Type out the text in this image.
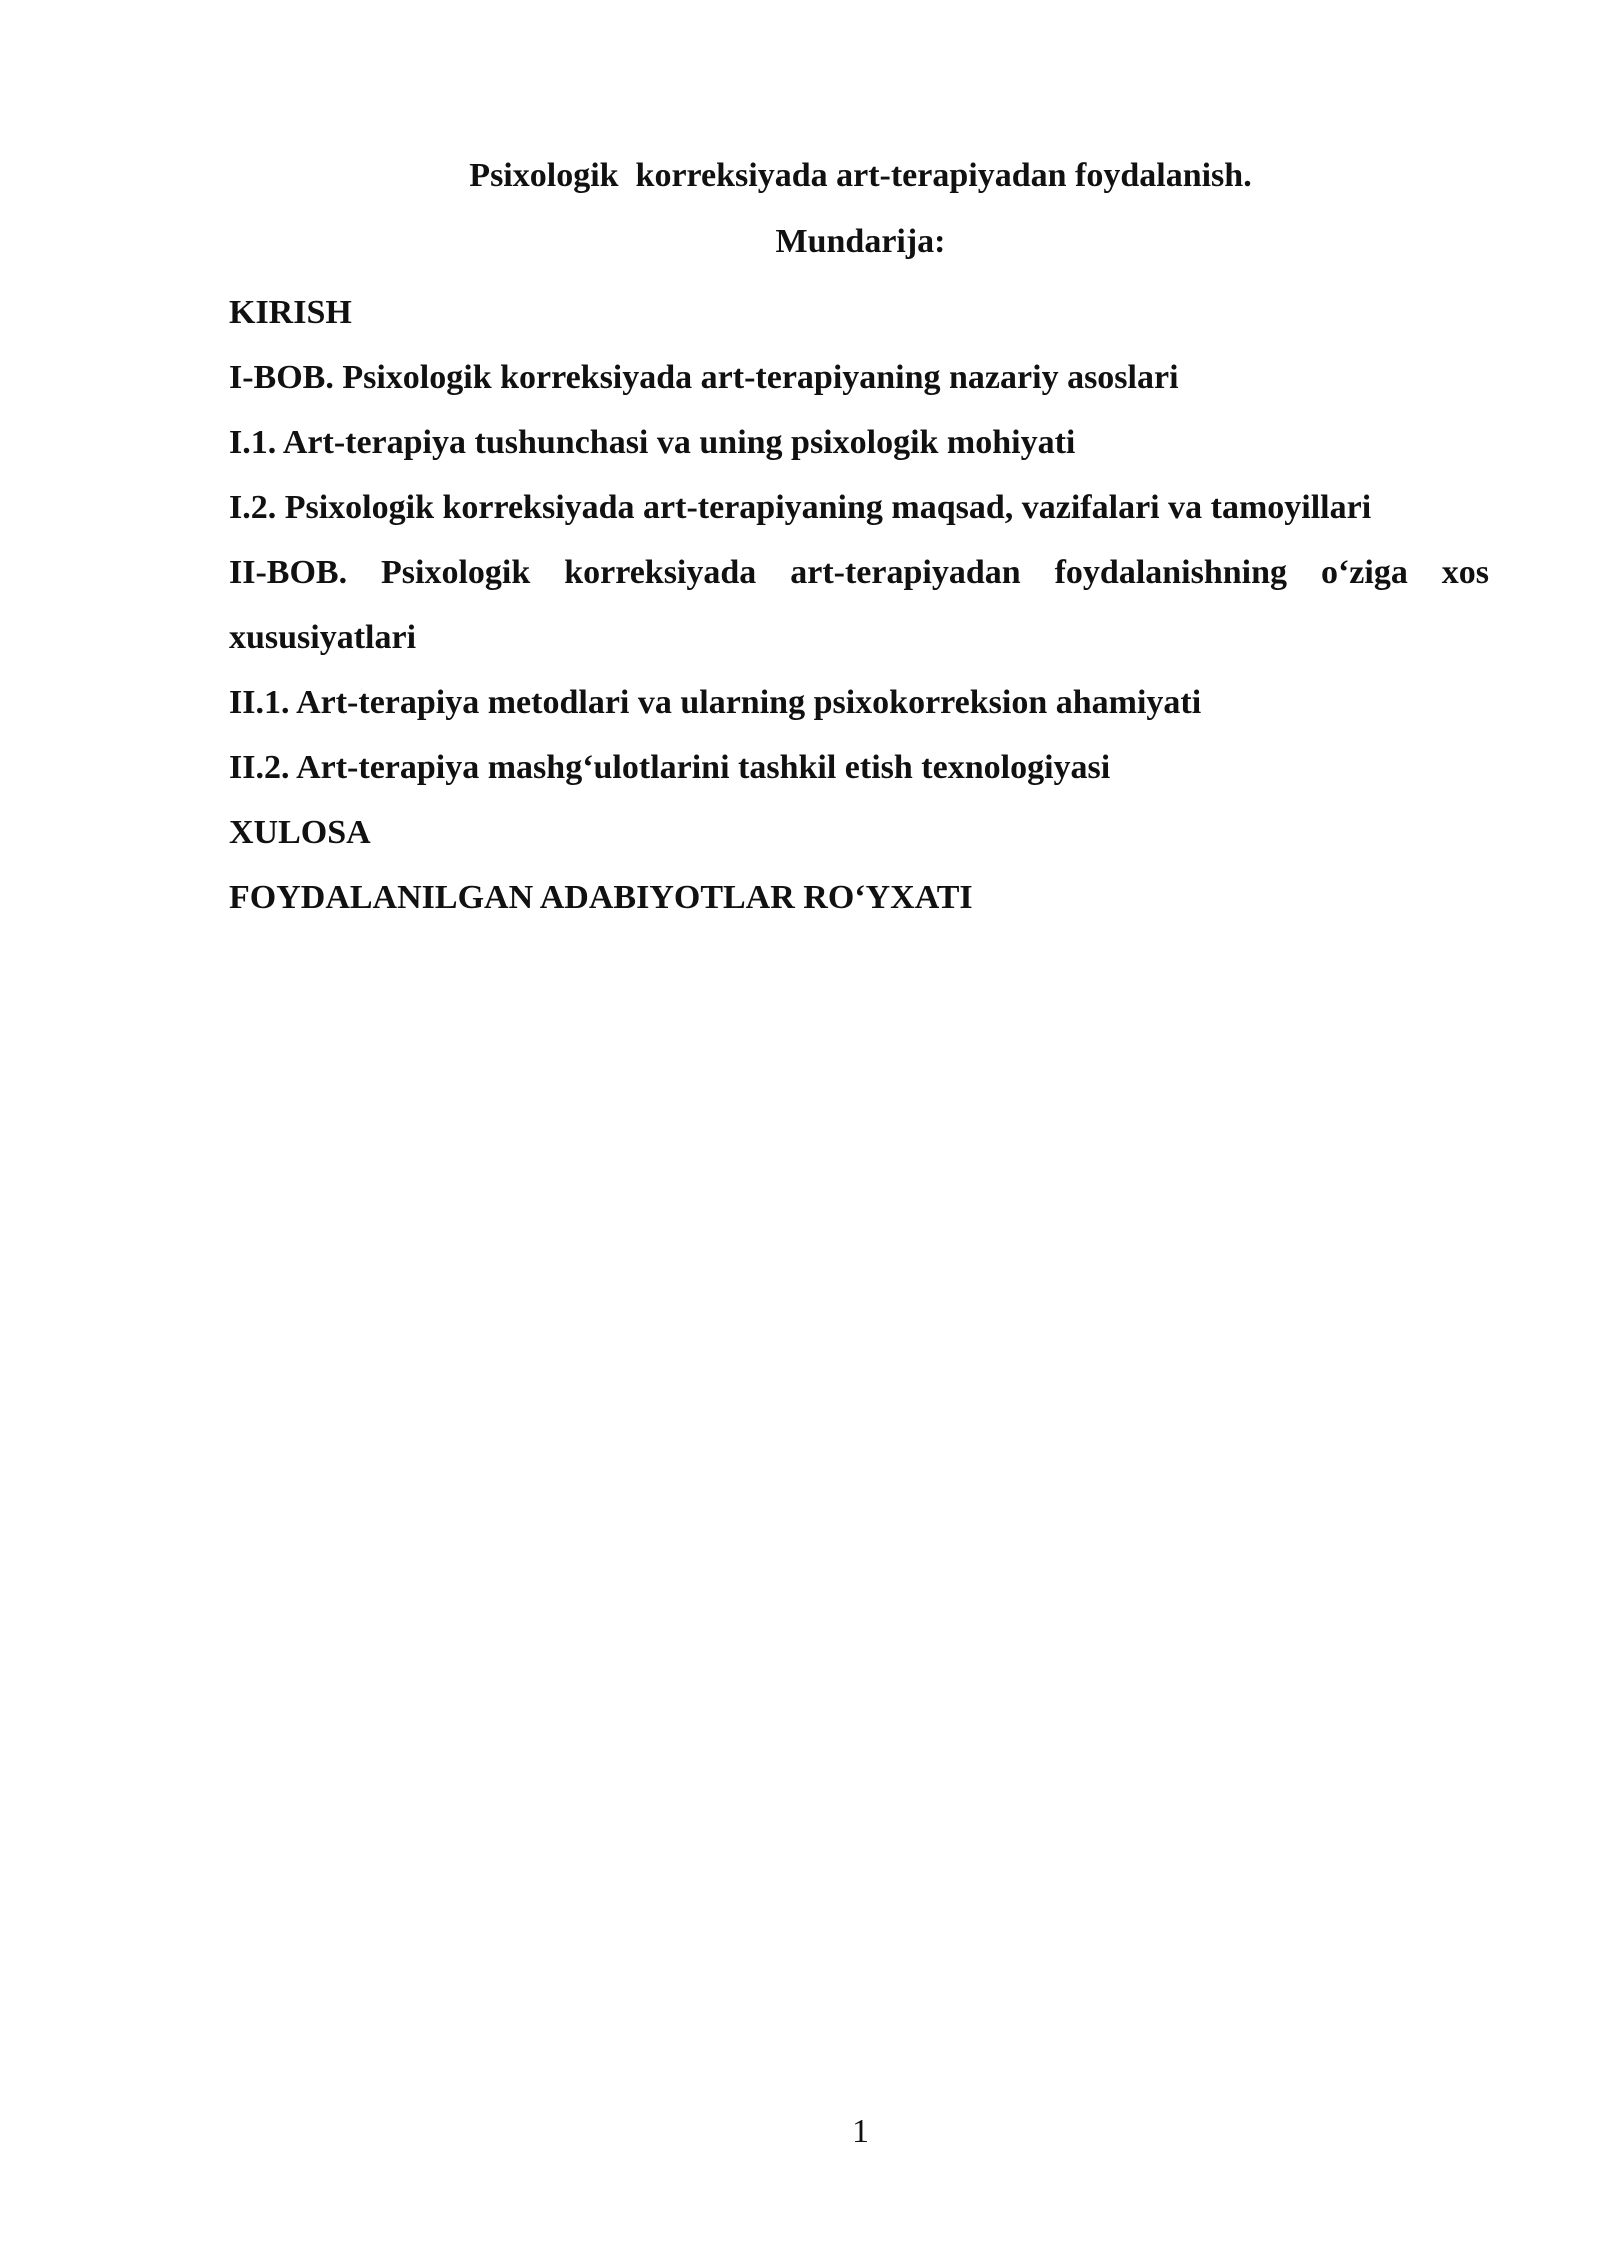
Psixologik  korreksiyada art-terapiyadan foydalanish.
Mundarija:
KIRISH
I-BOB. Psixologik korreksiyada art-terapiyaning nazariy asoslari
I.1. Art-terapiya tushunchasi va uning psixologik mohiyati
I.2. Psixologik korreksiyada art-terapiyaning maqsad, vazifalari va tamoyillari
II-BOB. Psixologik korreksiyada art-terapiyadan foydalanishning o‘ziga xos xususiyatlari
II.1. Art-terapiya metodlari va ularning psixokorreksion ahamiyati
II.2. Art-terapiya mashg‘ulotlarini tashkil etish texnologiyasi
XULOSA
FOYDALANILGAN ADABIYOTLAR RO‘YXATI
1
